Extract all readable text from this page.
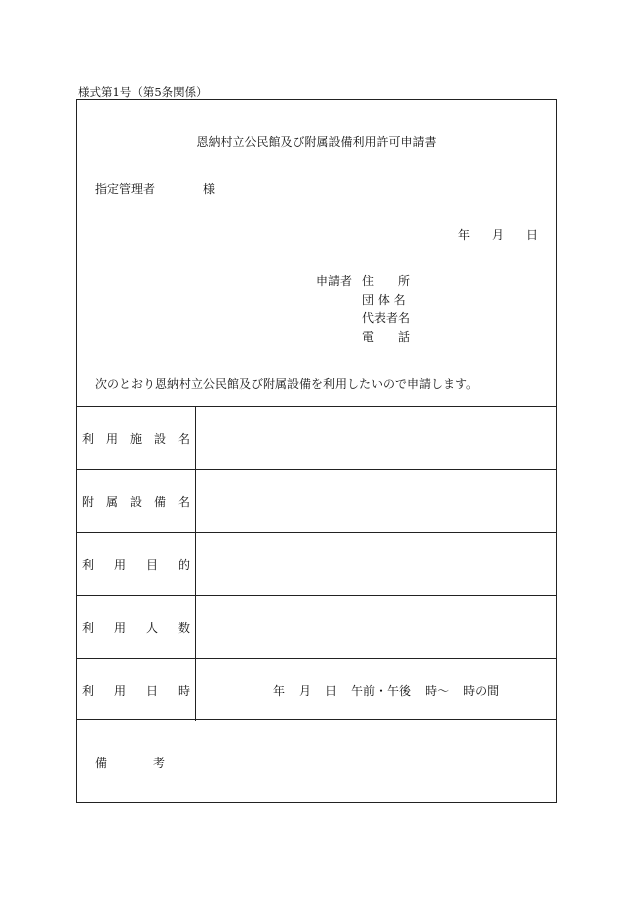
様式第1号（第5条関係）
恩納村立公民館及び附属設備利用許可申請書
指定管理者	様
年 月 日
申請者 住　　所
団 体 名
代表者名
電　　話
次のとおり恩納村立公民館及び附属設備を利用したいので申請します。
利用施設名	
附属設備名	
利用目的	
利用人数	
利用日時	年 月 日 午前・午後 時〜 時の間
備考
